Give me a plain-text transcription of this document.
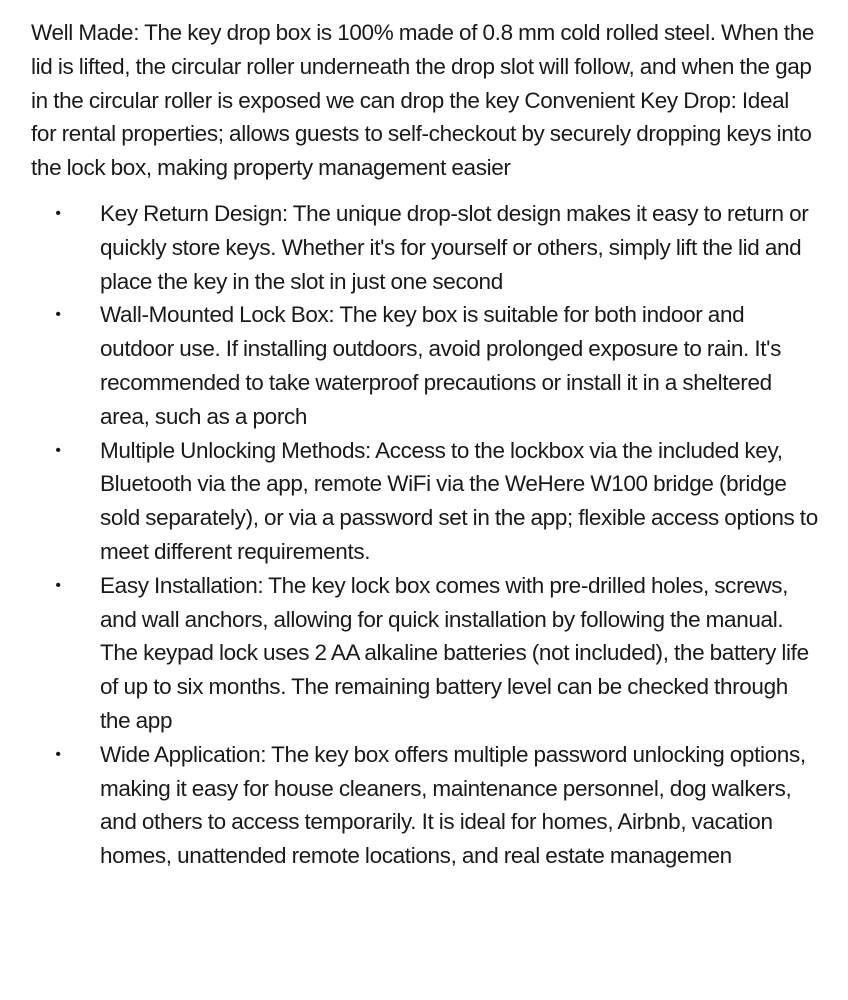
Well Made: The key drop box is 100% made of 0.8 mm cold rolled steel. When the lid is lifted, the circular roller underneath the drop slot will follow, and when the gap in the circular roller is exposed we can drop the key Convenient Key Drop: Ideal for rental properties; allows guests to self-checkout by securely dropping keys into the lock box, making property management easier

• Key Return Design: The unique drop-slot design makes it easy to return or quickly store keys. Whether it's for yourself or others, simply lift the lid and place the key in the slot in just one second
• Wall-Mounted Lock Box: The key box is suitable for both indoor and outdoor use. If installing outdoors, avoid prolonged exposure to rain. It's recommended to take waterproof precautions or install it in a sheltered area, such as a porch
• Multiple Unlocking Methods: Access to the lockbox via the included key, Bluetooth via the app, remote WiFi via the WeHere W100 bridge (bridge sold separately), or via a password set in the app; flexible access options to meet different requirements.
• Easy Installation: The key lock box comes with pre-drilled holes, screws, and wall anchors, allowing for quick installation by following the manual. The keypad lock uses 2 AA alkaline batteries (not included), the battery life of up to six months. The remaining battery level can be checked through the app
• Wide Application: The key box offers multiple password unlocking options, making it easy for house cleaners, maintenance personnel, dog walkers, and others to access temporarily. It is ideal for homes, Airbnb, vacation homes, unattended remote locations, and real estate managemen
